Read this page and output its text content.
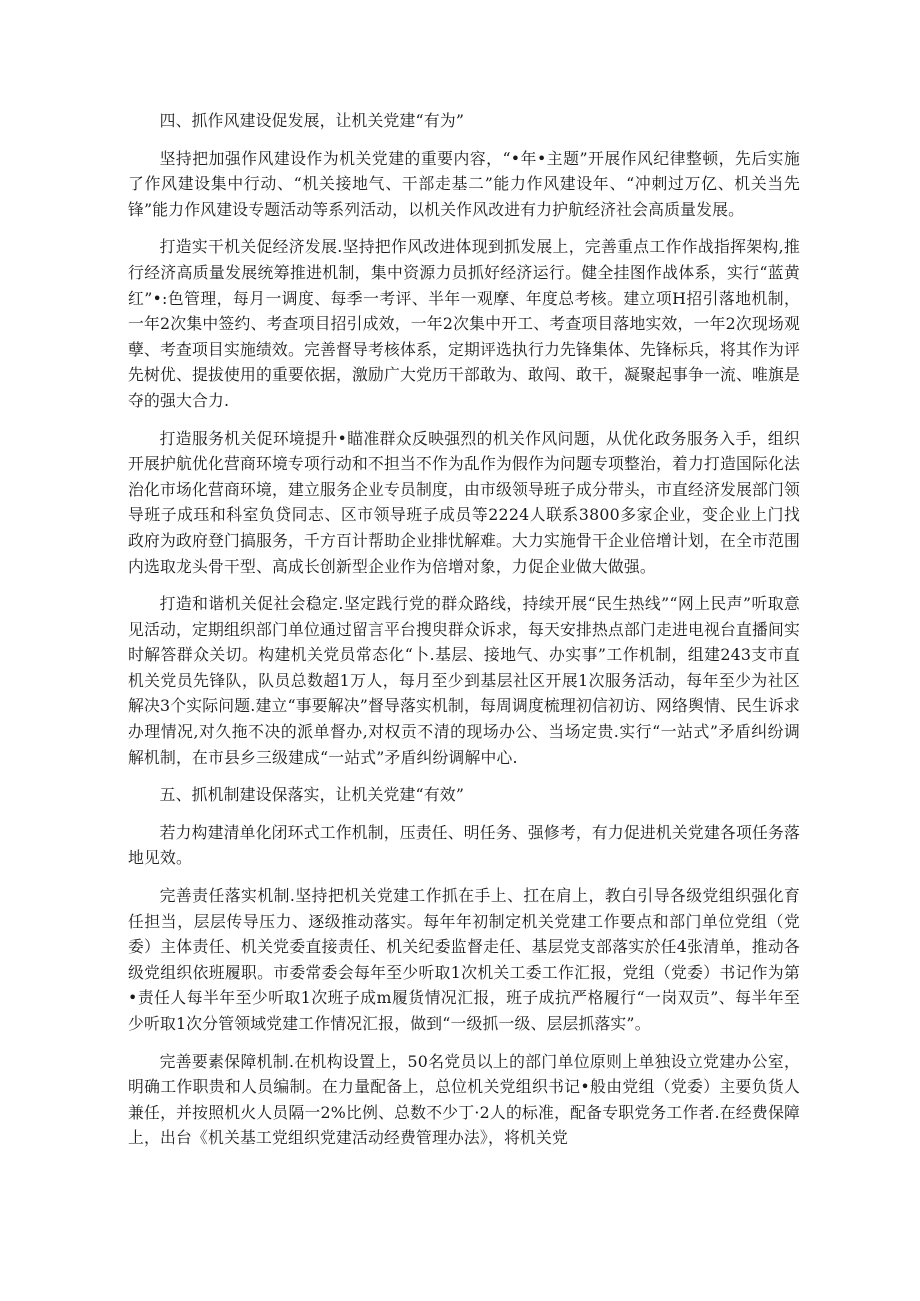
四、抓作风建设促发展，让机关党建“有为”

坚持把加强作风建设作为机关党建的重要内容，“•年•主题”开展作风纪律整顿，先后实施了作风建设集中行动、“机关接地气、干部走基二”能力作风建设年、“冲刺过万亿、机关当先锋”能力作风建设专题活动等系列活动，以机关作风改进有力护航经济社会高质量发展。

打造实干机关促经济发展.坚持把作风改进体现到抓发展上，完善重点工作作战指挥架构,推行经济高质量发展统筹推进机制，集中资源力员抓好经济运行。健全挂图作战体系，实行“蓝黄红”•:色管理，每月一调度、每季一考评、半年一观摩、年度总考核。建立项H招引落地机制，一年2次集中签约、考查项目招引成效，一年2次集中开工、考查项目落地实效，一年2次现场观孽、考查项目实施绩效。完善督导考核体系，定期评选执行力先锋集体、先锋标兵，将其作为评先树优、提拔使用的重要依据，激励广大党历干部敢为、敢闯、敢干，凝聚起事争一流、唯旗是夺的强大合力.

打造服务机关促环境提升•瞄准群众反映强烈的机关作风问题，从优化政务服务入手，组织开展护航优化营商环境专项行动和不担当不作为乱作为假作为问题专项整治，着力打造国际化法治化市场化营商环境，建立服务企业专员制度，由市级领导班子成分带头，市直经济发展部门领导班子成珏和科室负贷同志、区市领导班子成员等2224人联系3800多家企业，变企业上门找政府为政府登门搞服务，千方百计帮助企业排忧解难。大力实施骨干企业倍增计划，在全市范围内选取龙头骨干型、高成长创新型企业作为倍增对象，力促企业做大做强。

打造和谐机关促社会稳定.坚定践行党的群众路线，持续开展“民生热线”“网上民声”听取意见活动，定期组织部门单位通过留言平台搜臾群众诉求，每天安排热点部门走进电视台直播间实时解答群众关切。构建机关党员常态化“卜.基层、接地气、办实事”工作机制，组建243支市直机关党员先锋队，队员总数超1万人，每月至少到基层社区开展1次服务活动，每年至少为社区解决3个实际问题.建立“事要解决”督导落实机制，每周调度梳理初信初访、网络舆情、民生诉求办理情况,对久拖不决的派单督办,对权贡不清的现场办公、当场定贵.实行“一站式”矛盾纠纷调解机制，在市县乡三级建成“一站式”矛盾纠纷调解中心.

五、抓机制建设保落实，让机关党建“有效”

若力构建清单化闭环式工作机制，压责任、明任务、强修考，有力促进机关党建各项任务落地见效。

完善责任落实机制.坚持把机关党建工作抓在手上、扛在肩上，教白引导各级党组织强化育任担当，层层传导压力、逐级推动落实。每年年初制定机关党建工作要点和部门单位党组（党委）主体责任、机关党委直接责任、机关纪委监督走任、基层党支部落实於任4张清单，推动各级党组织依班履职。市委常委会每年至少听取1次机关工委工作汇报，党组（党委）书记作为第•责任人每半年至少听取1次班子成m履货情况汇报，班子成抗严格履行“一岗双贡”、每半年至少听取1次分管领域党建工作情况汇报，做到“一级抓一级、层层抓落实”。

完善要素保障机制.在机构设置上，50名党员以上的部门单位原则上单独设立党建办公室，明确工作职贵和人员编制。在力量配备上，总位机关党组织书记•般由党组（党委）主要负货人兼任，并按照机火人员隔一2%比例、总数不少丁·2人的标准，配备专职党务工作者.在经费保障上，出台《机关基工党组织党建活动经费管理办法》，将机关党
